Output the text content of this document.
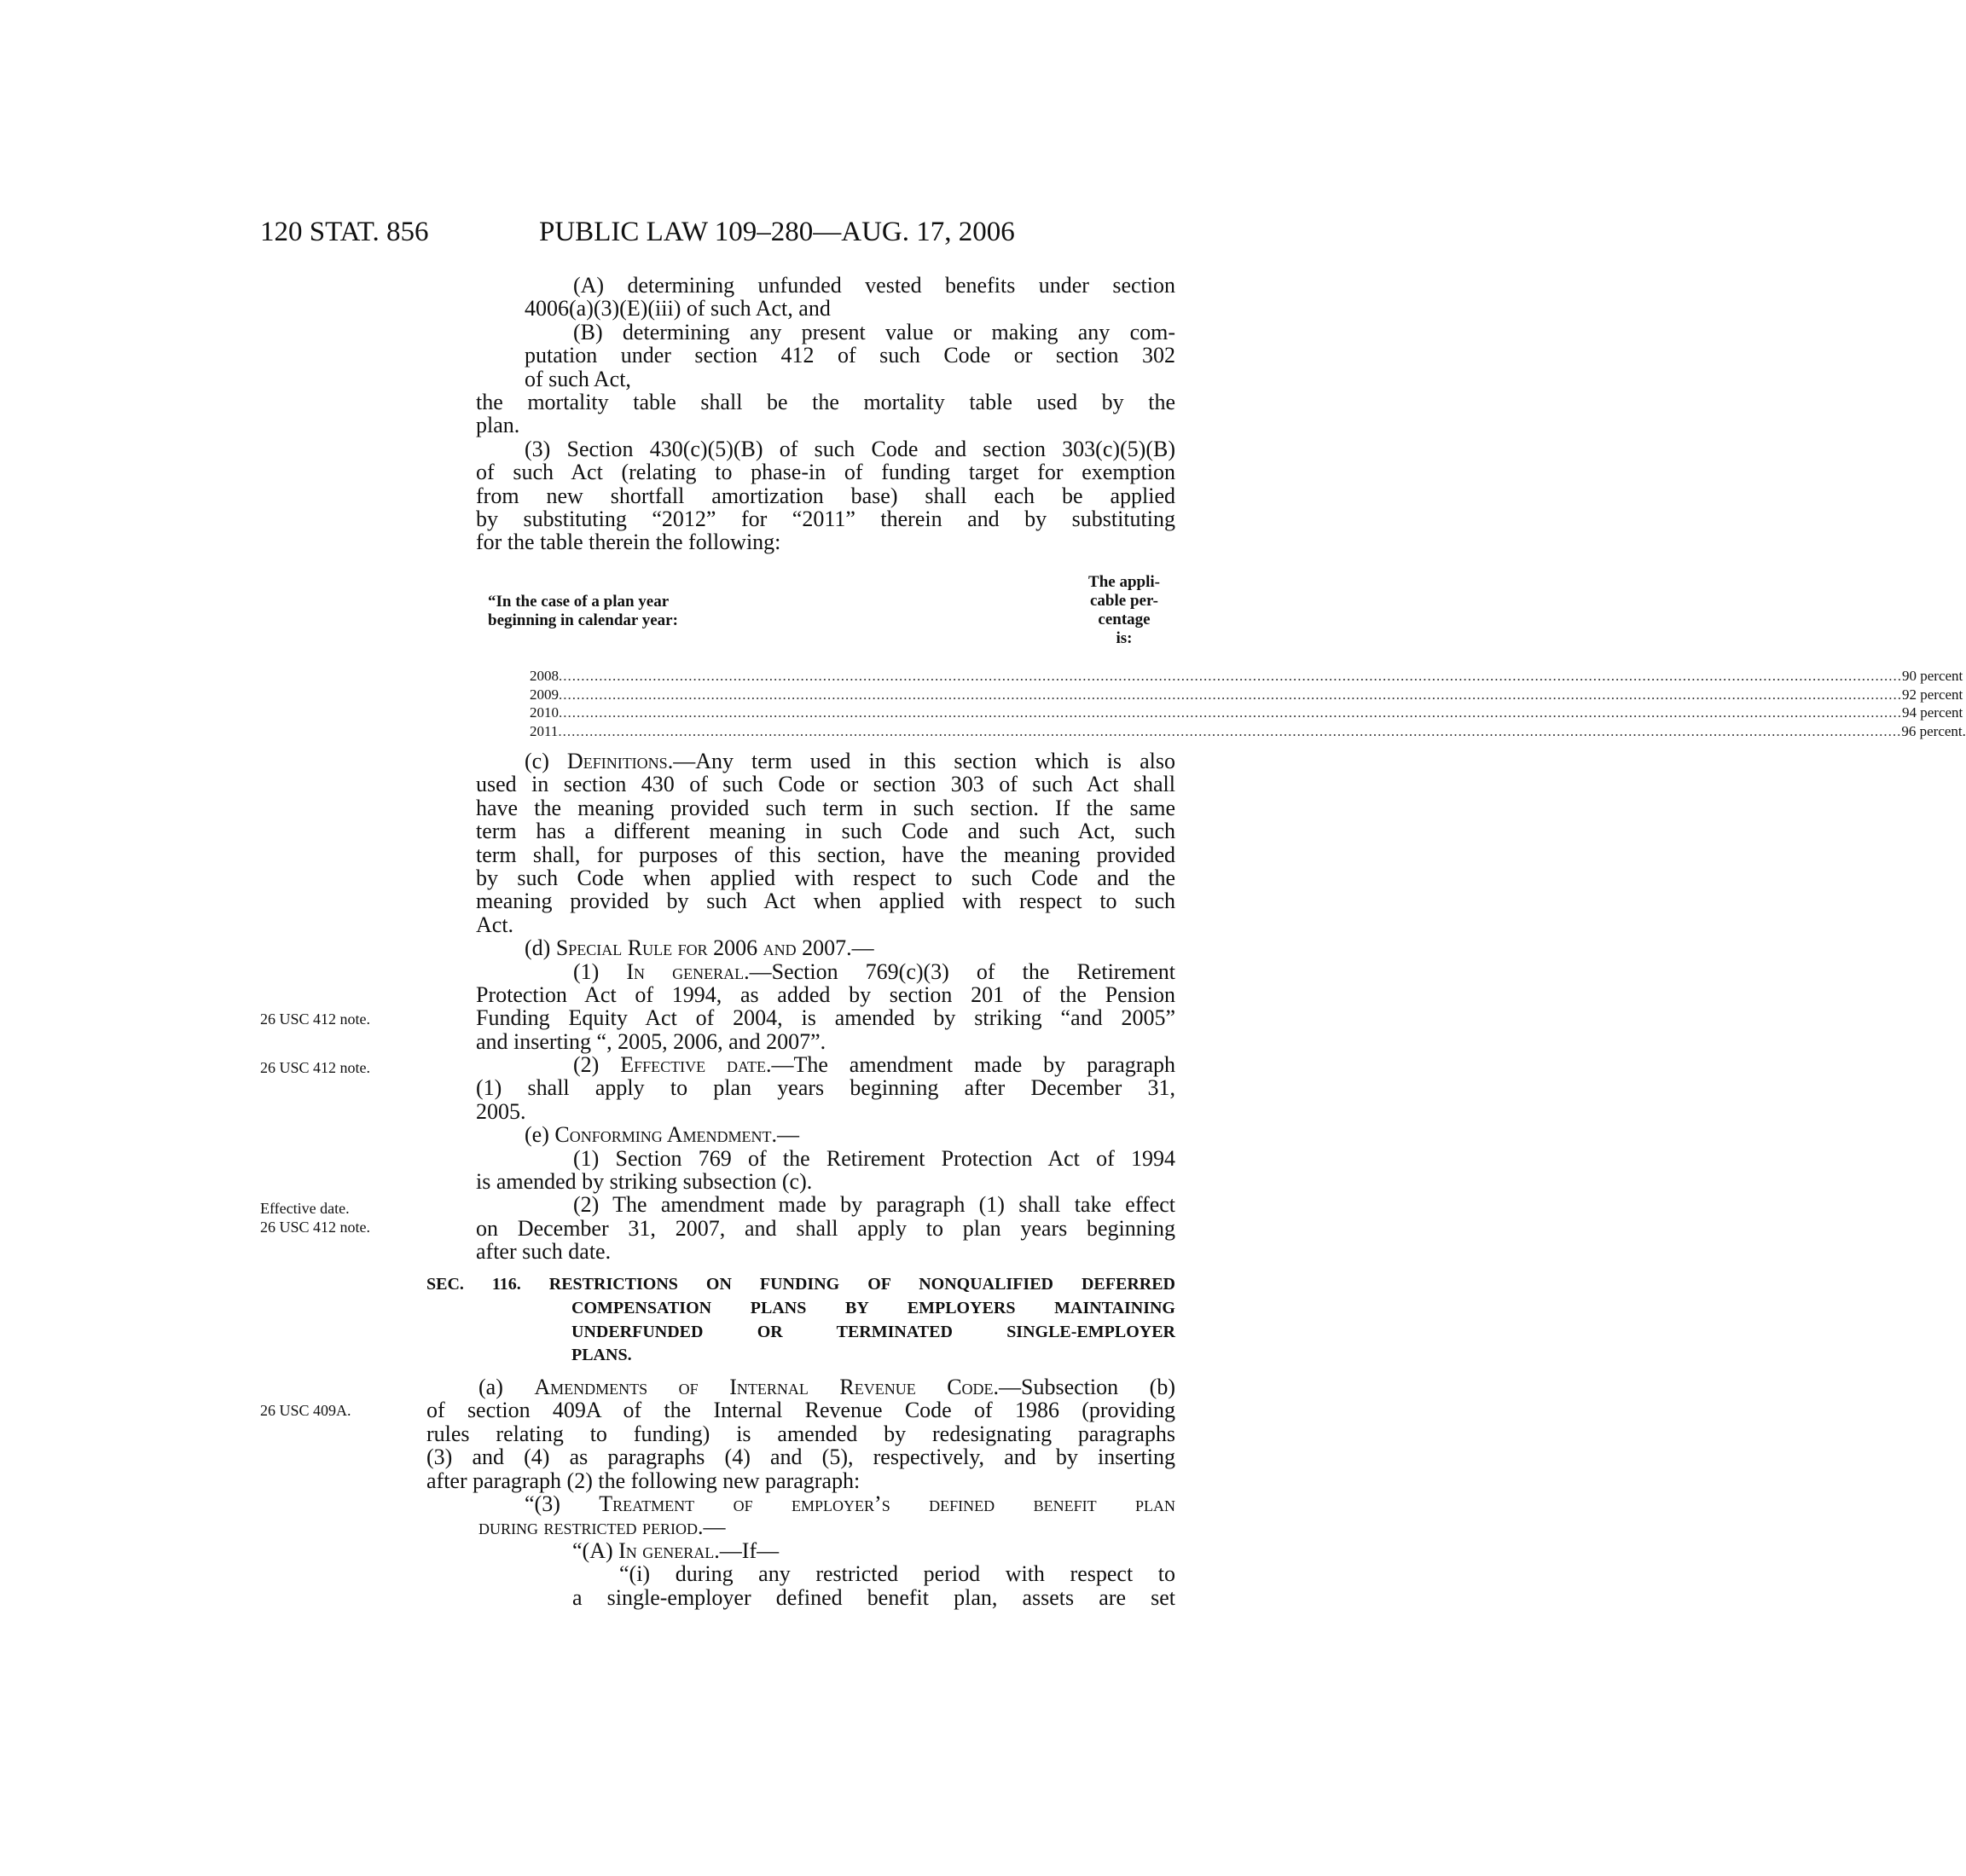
120 STAT. 856	PUBLIC LAW 109–280—AUG. 17, 2006
(A) determining unfunded vested benefits under section
4006(a)(3)(E)(iii) of such Act, and
(B) determining any present value or making any com-
putation under section 412 of such Code or section 302
of such Act,
the mortality table shall be the mortality table used by the
plan.
(3) Section 430(c)(5)(B) of such Code and section 303(c)(5)(B)
of such Act (relating to phase-in of funding target for exemption
from new shortfall amortization base) shall each be applied
by substituting “2012” for “2011” therein and by substituting
for the table therein the following:
“In the case of a plan year
beginning in calendar year:
The appli-
cable per-
centage
is:
2008 ............................................................................................................................................................................................................................................................................................................ 90 percent
2009 ............................................................................................................................................................................................................................................................................................................ 92 percent
2010 ............................................................................................................................................................................................................................................................................................................ 94 percent
2011 ............................................................................................................................................................................................................................................................................................................ 96 percent.
(c) Definitions.—Any term used in this section which is also
used in section 430 of such Code or section 303 of such Act shall
have the meaning provided such term in such section. If the same
term has a different meaning in such Code and such Act, such
term shall, for purposes of this section, have the meaning provided
by such Code when applied with respect to such Code and the
meaning provided by such Act when applied with respect to such
Act.
(d) Special Rule for 2006 and 2007.—
(1) In general.—Section 769(c)(3) of the Retirement
Protection Act of 1994, as added by section 201 of the Pension
Funding Equity Act of 2004, is amended by striking “and 2005”
and inserting “, 2005, 2006, and 2007”.
(2) Effective date.—The amendment made by paragraph
(1) shall apply to plan years beginning after December 31,
2005.
(e) Conforming Amendment.—
(1) Section 769 of the Retirement Protection Act of 1994
is amended by striking subsection (c).
(2) The amendment made by paragraph (1) shall take effect
on December 31, 2007, and shall apply to plan years beginning
after such date.
SEC. 116. RESTRICTIONS ON FUNDING OF NONQUALIFIED DEFERRED
COMPENSATION PLANS BY EMPLOYERS MAINTAINING
UNDERFUNDED OR TERMINATED SINGLE-EMPLOYER
PLANS.
(a) Amendments of Internal Revenue Code.—Subsection (b)
of section 409A of the Internal Revenue Code of 1986 (providing
rules relating to funding) is amended by redesignating paragraphs
(3) and (4) as paragraphs (4) and (5), respectively, and by inserting
after paragraph (2) the following new paragraph:
“(3) Treatment of employer’s defined benefit plan
during restricted period.—
“(A) In general.—If—
“(i) during any restricted period with respect to
a single-employer defined benefit plan, assets are set
26 USC 412 note.
26 USC 412 note.
Effective date.
26 USC 412 note.
26 USC 409A.
